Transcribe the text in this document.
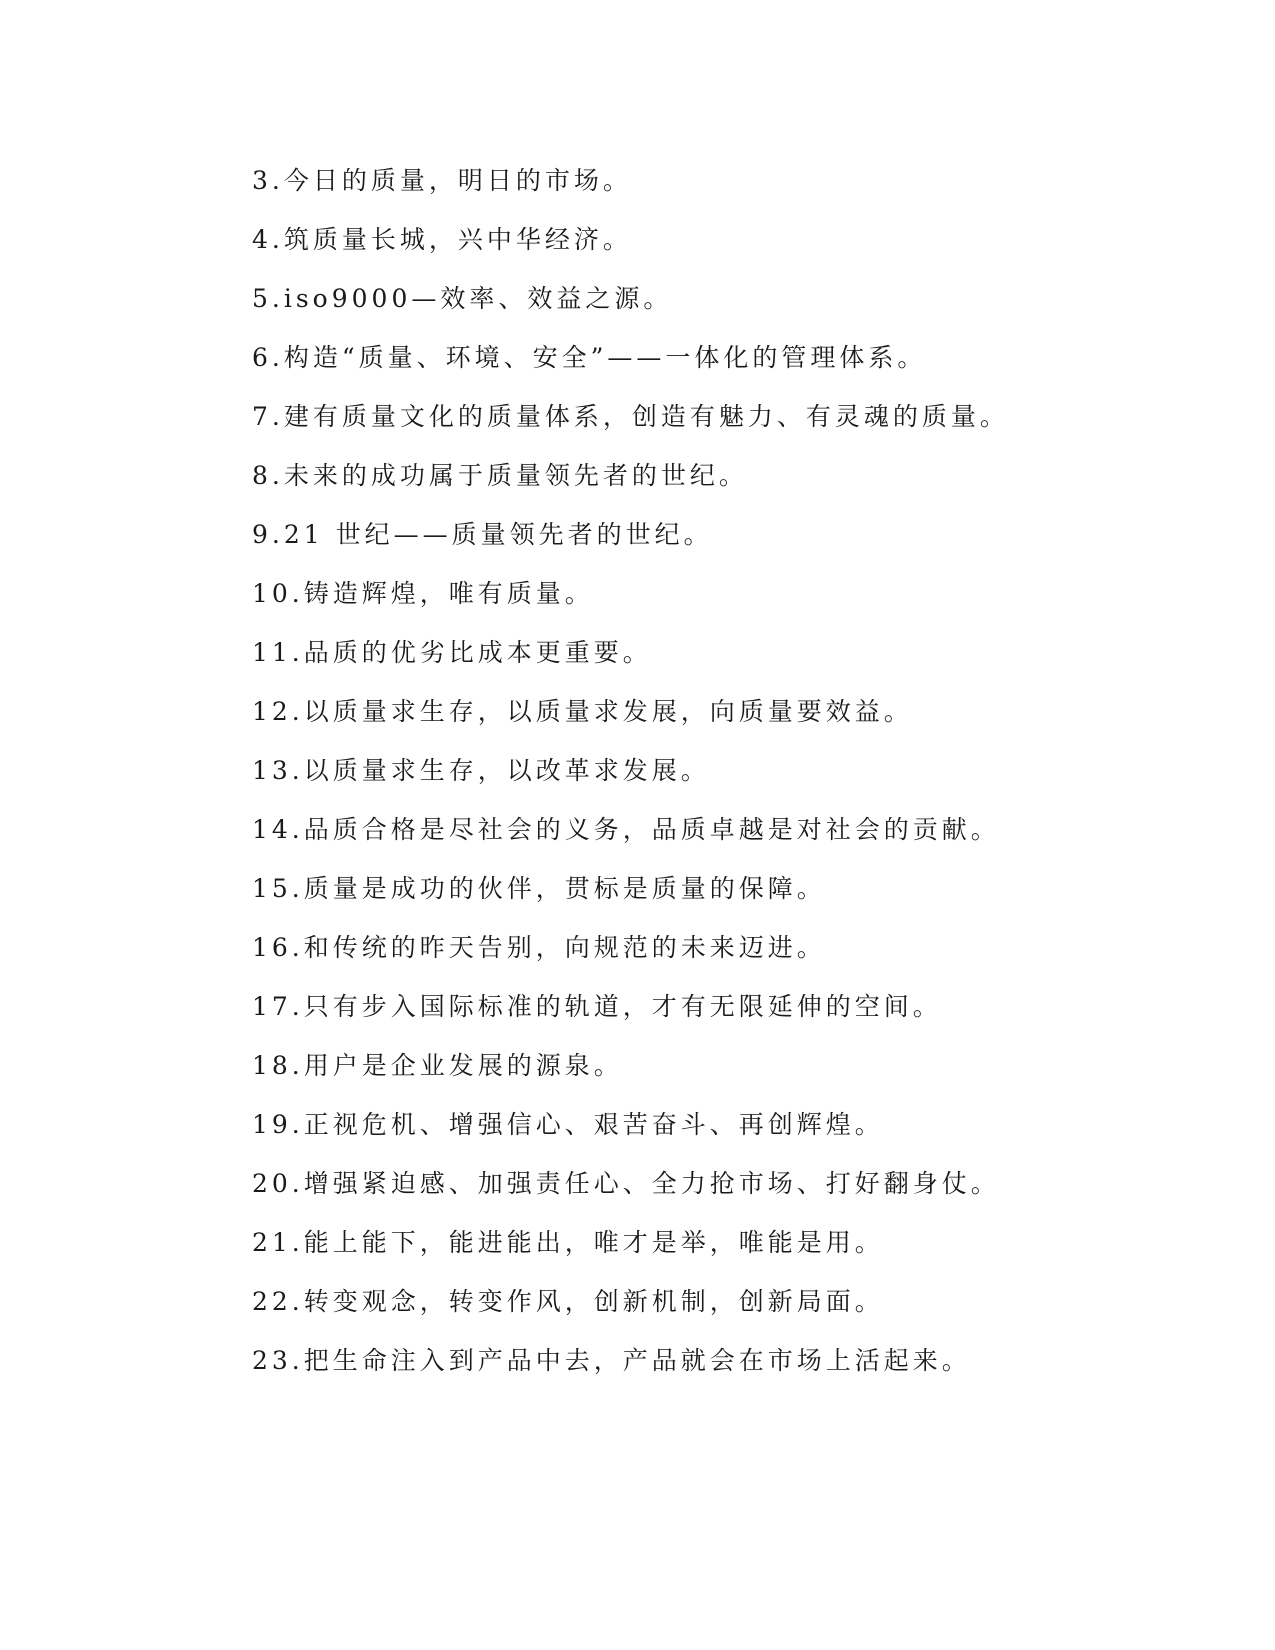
3.今日的质量，明日的市场。
4.筑质量长城，兴中华经济。
5.iso9000—效率、效益之源。
6.构造“质量、环境、安全”——一体化的管理体系。
7.建有质量文化的质量体系，创造有魅力、有灵魂的质量。
8.未来的成功属于质量领先者的世纪。
9.21 世纪——质量领先者的世纪。
10.铸造辉煌，唯有质量。
11.品质的优劣比成本更重要。
12.以质量求生存，以质量求发展，向质量要效益。
13.以质量求生存，以改革求发展。
14.品质合格是尽社会的义务，品质卓越是对社会的贡献。
15.质量是成功的伙伴，贯标是质量的保障。
16.和传统的昨天告别，向规范的未来迈进。
17.只有步入国际标准的轨道，才有无限延伸的空间。
18.用户是企业发展的源泉。
19.正视危机、增强信心、艰苦奋斗、再创辉煌。
20.增强紧迫感、加强责任心、全力抢市场、打好翻身仗。
21.能上能下，能进能出，唯才是举，唯能是用。
22.转变观念，转变作风，创新机制，创新局面。
23.把生命注入到产品中去，产品就会在市场上活起来。
